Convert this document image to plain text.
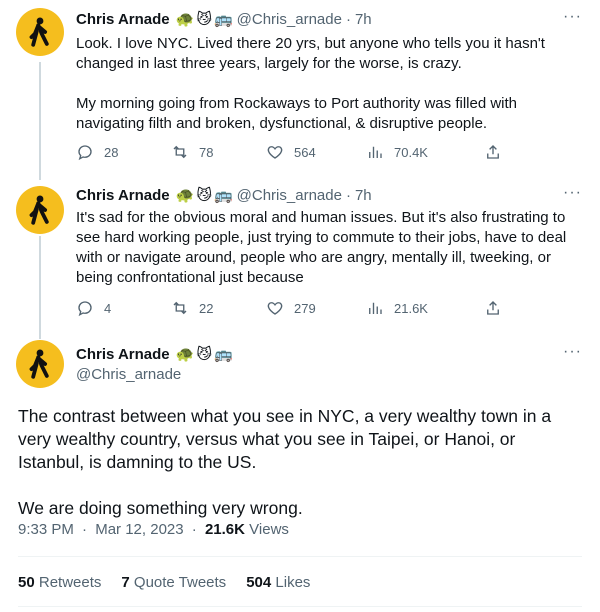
Chris Arnade 🐢 😼 🚌 @Chris_arnade · 7h	···

Look. I love NYC. Lived there 20 yrs, but anyone who tells you it hasn't changed in last three years, largely for the worse, is crazy.

My morning going from Rockaways to Port authority was filled with navigating filth and broken, dysfunctional, & disruptive people.

28	78	564	70.4K
Chris Arnade 🐢 😼 🚌 @Chris_arnade · 7h	···

It's sad for the obvious moral and human issues. But it's also frustrating to see hard working people, just trying to commute to their jobs, have to deal with or navigate around, people who are angry, mentally ill, tweeking, or being confrontational just because

4	22	279	21.6K
Chris Arnade 🐢 😼 🚌
@Chris_arnade
···

The contrast between what you see in NYC, a very wealthy town in a very wealthy country, versus what you see in Taipei, or Hanoi, or Istanbul, is damning to the US.

We are doing something very wrong.

9:33 PM · Mar 12, 2023 · 21.6K Views
50 Retweets 7 Quote Tweets 504 Likes
